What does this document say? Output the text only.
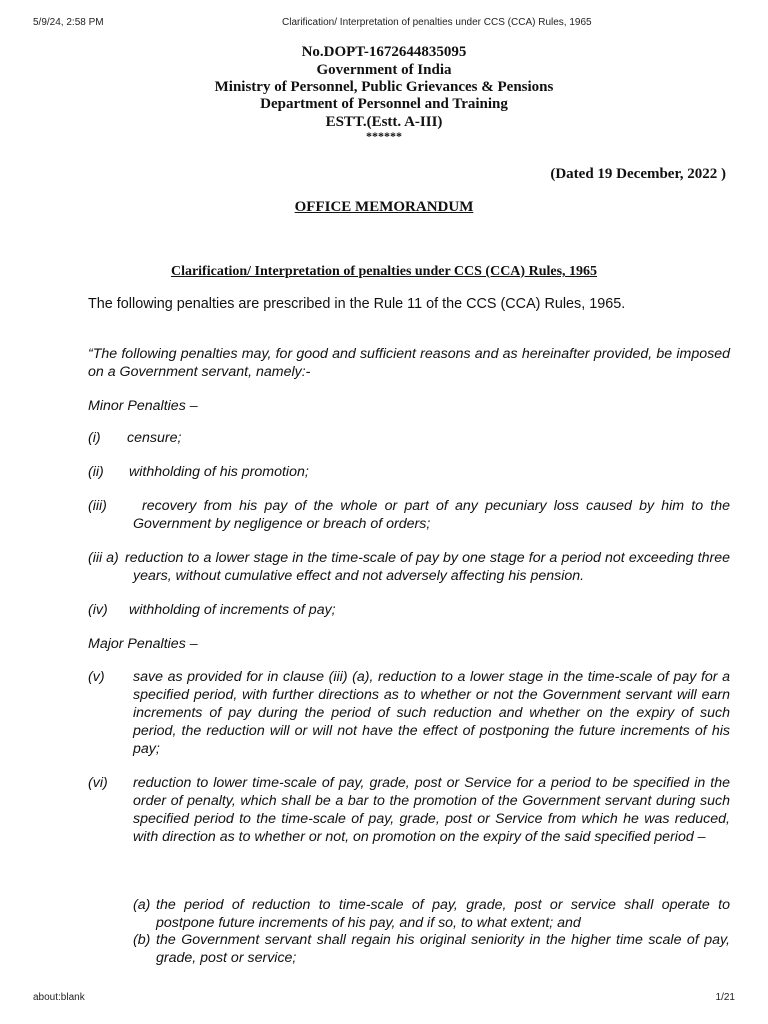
5/9/24, 2:58 PM	Clarification/ Interpretation of penalties under CCS (CCA) Rules, 1965
No.DOPT-1672644835095
Government of India
Ministry of Personnel, Public Grievances & Pensions
Department of Personnel and Training
ESTT.(Estt. A-III)
******
(Dated 19 December, 2022 )
OFFICE MEMORANDUM
Clarification/ Interpretation of penalties under CCS (CCA) Rules, 1965
The following penalties are prescribed in the Rule 11 of the CCS (CCA) Rules, 1965.
“The following penalties may, for good and sufficient reasons and as hereinafter provided, be imposed on a Government servant, namely:-
Minor Penalties –
(i) censure;
(ii) withholding of his promotion;
(iii)	recovery from his pay of the whole or part of any pecuniary loss caused by him to the Government by negligence or breach of orders;
(iii a) reduction to a lower stage in the time-scale of pay by one stage for a period not exceeding three years, without cumulative effect and not adversely affecting his pension.
(iv) withholding of increments of pay;
Major Penalties –
(v) save as provided for in clause (iii) (a), reduction to a lower stage in the time-scale of pay for a specified period, with further directions as to whether or not the Government servant will earn increments of pay during the period of such reduction and whether on the expiry of such period, the reduction will or will not have the effect of postponing the future increments of his pay;
(vi) reduction to lower time-scale of pay, grade, post or Service for a period to be specified in the order of penalty, which shall be a bar to the promotion of the Government servant during such specified period to the time-scale of pay, grade, post or Service from which he was reduced, with direction as to whether or not, on promotion on the expiry of the said specified period –
(a) the period of reduction to time-scale of pay, grade, post or service shall operate to postpone future increments of his pay, and if so, to what extent; and
(b) the Government servant shall regain his original seniority in the higher time scale of pay, grade, post or service;
about:blank	1/21
